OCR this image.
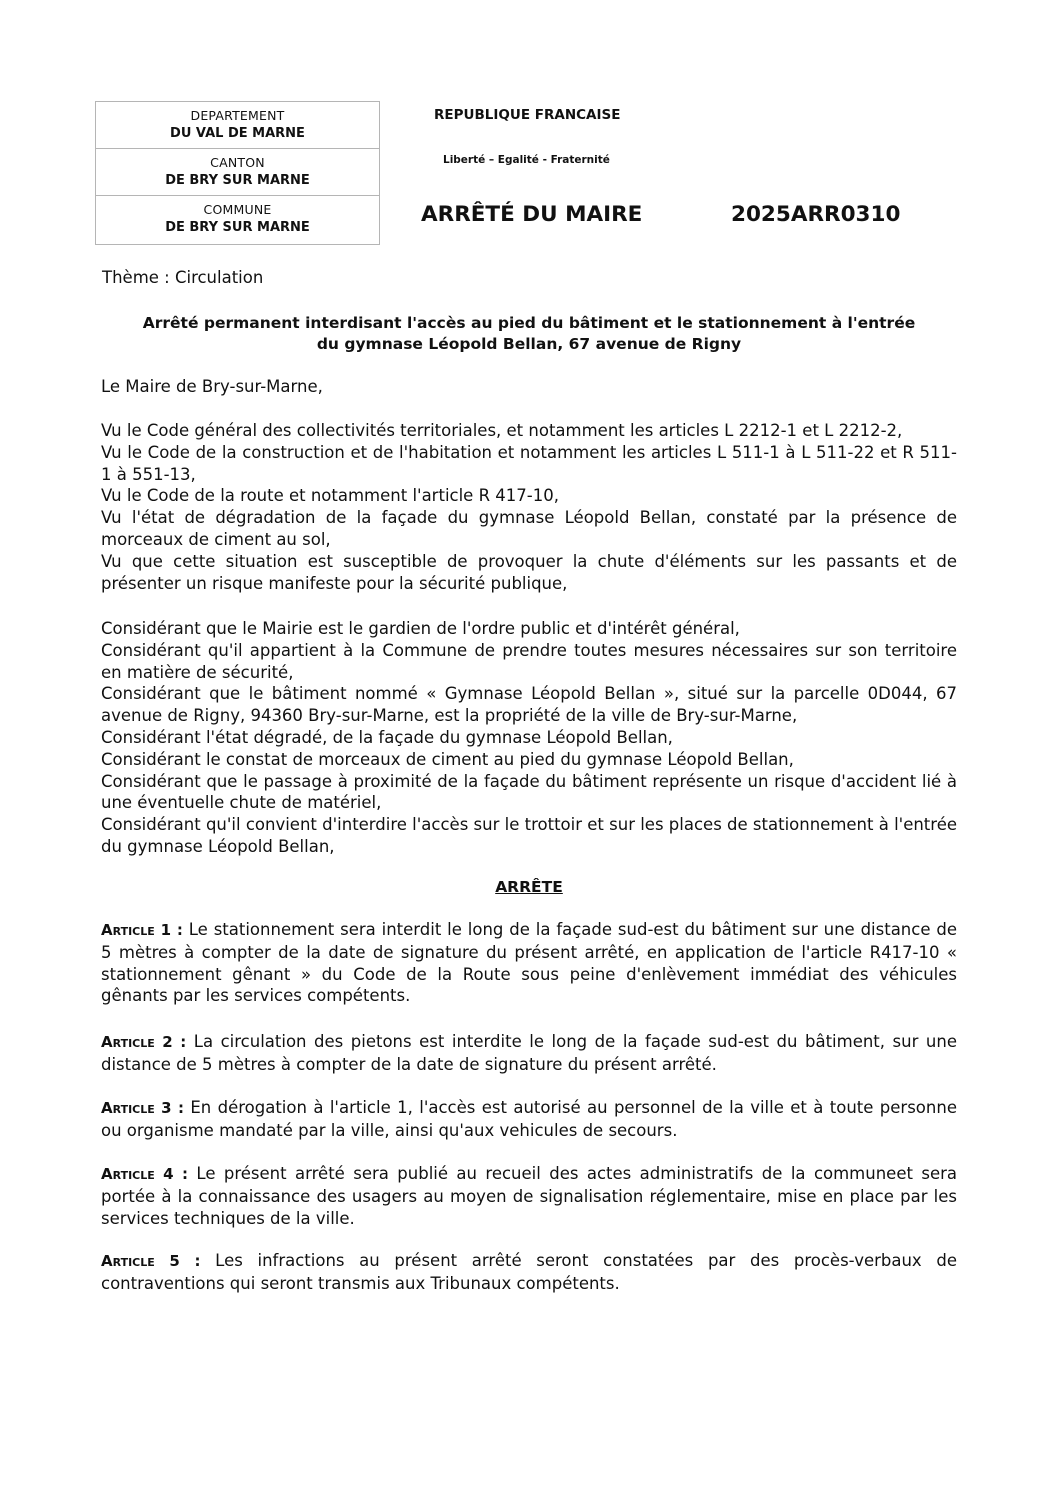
DEPARTEMENT
DU VAL DE MARNE
CANTON
DE BRY SUR MARNE
COMMUNE
DE BRY SUR MARNE
REPUBLIQUE FRANCAISE
Liberté – Egalité - Fraternité
ARRÊTÉ DU MAIRE	2025ARR0310
Thème : Circulation
Arrêté permanent interdisant l'accès au pied du bâtiment et le stationnement à l'entrée
du gymnase Léopold Bellan, 67 avenue de Rigny
Le Maire de Bry-sur-Marne,

Vu le Code général des collectivités territoriales, et notamment les articles L 2212-1 et L 2212-2,

Vu le Code de la construction et de l'habitation et notamment les articles L 511-1 à L 511-22 et R 511-1 à 551-13,

Vu le Code de la route et notamment l'article R 417-10,

Vu l'état de dégradation de la façade du gymnase Léopold Bellan, constaté par la présence de morceaux de ciment au sol,

Vu que cette situation est susceptible de provoquer la chute d'éléments sur les passants et de présenter un risque manifeste pour la sécurité publique,

Considérant que le Mairie est le gardien de l'ordre public et d'intérêt général,

Considérant qu'il appartient à la Commune de prendre toutes mesures nécessaires sur son territoire en matière de sécurité,

Considérant que le bâtiment nommé « Gymnase Léopold Bellan », situé sur la parcelle 0D044, 67 avenue de Rigny, 94360 Bry-sur-Marne, est la propriété de la ville de Bry-sur-Marne,

Considérant l'état dégradé, de la façade du gymnase Léopold Bellan,

Considérant le constat de morceaux de ciment au pied du gymnase Léopold Bellan,

Considérant que le passage à proximité de la façade du bâtiment représente un risque d'accident lié à une éventuelle chute de matériel,

Considérant qu'il convient d'interdire l'accès sur le trottoir et sur les places de stationnement à l'entrée du gymnase Léopold Bellan,

ARRÊTE

Article 1 : Le stationnement sera interdit le long de la façade sud-est du bâtiment sur une distance de 5 mètres à compter de la date de signature du présent arrêté, en application de l'article R417-10 « stationnement gênant » du Code de la Route sous peine d'enlèvement immédiat des véhicules gênants par les services compétents.

Article 2 : La circulation des pietons est interdite le long de la façade sud-est du bâtiment, sur une distance de 5 mètres à compter de la date de signature du présent arrêté.

Article 3 : En dérogation à l'article 1, l'accès est autorisé au personnel de la ville et à toute personne ou organisme mandaté par la ville, ainsi qu'aux vehicules de secours.

Article 4 : Le présent arrêté sera publié au recueil des actes administratifs de la communeet sera portée à la connaissance des usagers au moyen de signalisation réglementaire, mise en place par les services techniques de la ville.

Article 5 : Les infractions au présent arrêté seront constatées par des procès-verbaux de contraventions qui seront transmis aux Tribunaux compétents.
